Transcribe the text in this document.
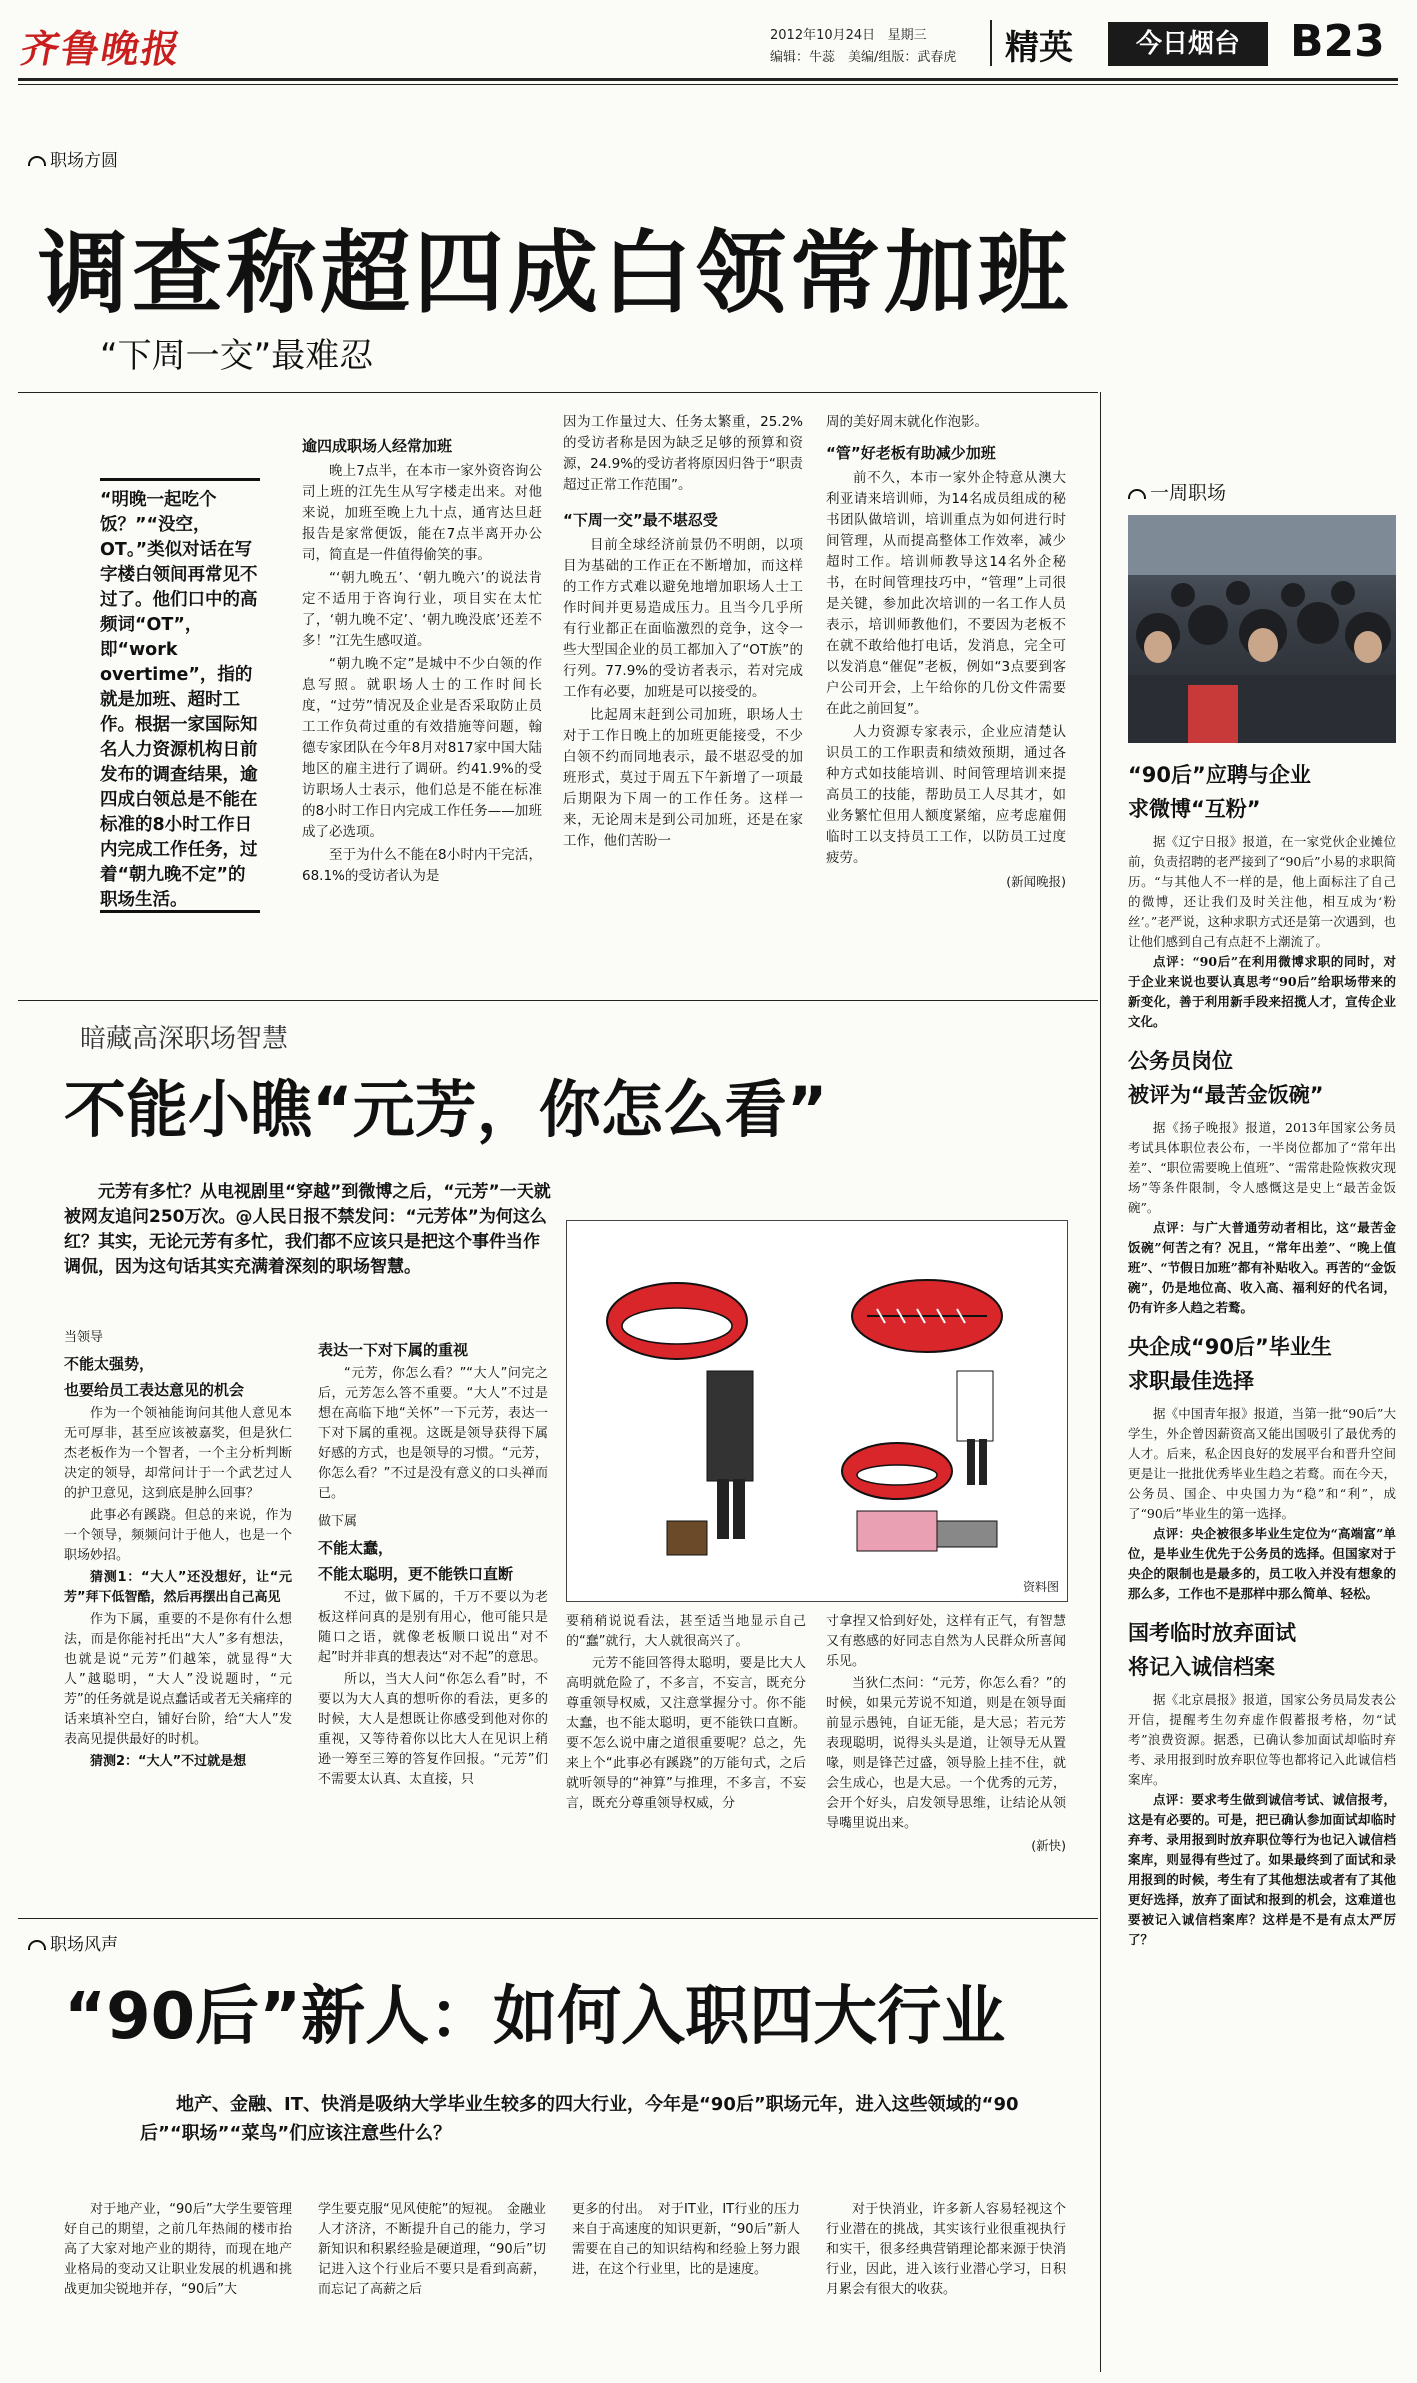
齐鲁晚报	2012年10月24日 星期三
编辑：牛蕊　美编/组版：武春虎 精英	今日烟台	B23
职场方圆
调查称超四成白领常加班
“下周一交”最难忍
“明晚一起吃个饭？”“没空，OT。”类似对话在写字楼白领间再常见不过了。他们口中的高频词“OT”，即“work overtime”，指的就是加班、超时工作。根据一家国际知名人力资源机构日前发布的调查结果，逾四成白领总是不能在标准的8小时工作日内完成工作任务，过着“朝九晚不定”的职场生活。
逾四成职场人经常加班

晚上7点半，在本市一家外资咨询公司上班的江先生从写字楼走出来。对他来说，加班至晚上九十点，通宵达旦赶报告是家常便饭，能在7点半离开办公司，简直是一件值得偷笑的事。

“‘朝九晚五’、‘朝九晚六’的说法肯定不适用于咨询行业，项目实在太忙了，‘朝九晚不定’、‘朝九晚没底’还差不多！”江先生感叹道。

“朝九晚不定”是城中不少白领的作息写照。就职场人士的工作时间长度，“过劳”情况及企业是否采取防止员工工作负荷过重的有效措施等问题，翰德专家团队在今年8月对817家中国大陆地区的雇主进行了调研。约41.9%的受访职场人士表示，他们总是不能在标准的8小时工作日内完成工作任务——加班成了必选项。

至于为什么不能在8小时内干完活，68.1%的受访者认为是

因为工作量过大、任务太繁重，25.2%的受访者称是因为缺乏足够的预算和资源，24.9%的受访者将原因归咎于“职责超过正常工作范围”。

“下周一交”最不堪忍受

目前全球经济前景仍不明朗，以项目为基础的工作正在不断增加，而这样的工作方式难以避免地增加职场人士工作时间并更易造成压力。且当今几乎所有行业都正在面临激烈的竞争，这令一些大型国企业的员工都加入了“OT族”的行列。77.9%的受访者表示，若对完成工作有必要，加班是可以接受的。

比起周末赶到公司加班，职场人士对于工作日晚上的加班更能接受，不少白领不约而同地表示，最不堪忍受的加班形式，莫过于周五下午新增了一项最后期限为下周一的工作任务。这样一来，无论周末是到公司加班，还是在家工作，他们苦盼一

周的美好周末就化作泡影。

“管”好老板有助减少加班

前不久，本市一家外企特意从澳大利亚请来培训师，为14名成员组成的秘书团队做培训，培训重点为如何进行时间管理，从而提高整体工作效率，减少超时工作。培训师教导这14名外企秘书，在时间管理技巧中，“管理”上司很是关键，参加此次培训的一名工作人员表示，培训师教他们，不要因为老板不在就不敢给他打电话，发消息，完全可以发消息“催促”老板，例如“3点要到客户公司开会，上午给你的几份文件需要在此之前回复”。

人力资源专家表示，企业应清楚认识员工的工作职责和绩效预期，通过各种方式如技能培训、时间管理培训来提高员工的技能，帮助员工人尽其才，如业务繁忙但用人额度紧缩，应考虑雇佣临时工以支持员工工作，以防员工过度疲劳。

(新闻晚报)
暗藏高深职场智慧
不能小瞧“元芳，你怎么看”
元芳有多忙？从电视剧里“穿越”到微博之后，“元芳”一天就被网友追问250万次。@人民日报不禁发问：“元芳体”为何这么红？其实，无论元芳有多忙，我们都不应该只是把这个事件当作调侃，因为这句话其实充满着深刻的职场智慧。
当领导
不能太强势，
也要给员工表达意见的机会

作为一个领袖能询问其他人意见本无可厚非，甚至应该被嘉奖，但是狄仁杰老板作为一个智者，一个主分析判断决定的领导，却常问计于一个武艺过人的护卫意见，这到底是肿么回事？

此事必有蹊跷。但总的来说，作为一个领导，频频问计于他人，也是一个职场妙招。

猜测1：“大人”还没想好，让“元芳”拜下低智酷，然后再摆出自己高见

作为下属，重要的不是你有什么想法，而是你能衬托出“大人”多有想法，也就是说“元芳”们越笨，就显得“大人”越聪明，“大人”没说题时，“元芳”的任务就是说点蠢话或者无关痛痒的话来填补空白，铺好台阶，给“大人”发表高见提供最好的时机。

猜测2：“大人”不过就是想

表达一下对下属的重视

“元芳，你怎么看？”“大人”问完之后，元芳怎么答不重要。“大人”不过是想在高临下地“关怀”一下元芳，表达一下对下属的重视。这既是领导获得下属好感的方式，也是领导的习惯。“元芳，你怎么看？”不过是没有意义的口头禅而已。

做下属
不能太蠢，
不能太聪明，更不能铁口直断

不过，做下属的，千万不要以为老板这样问真的是别有用心，他可能只是随口之语，就像老板顺口说出“对不起”时并非真的想表达“对不起”的意思。

所以，当大人问“你怎么看”时，不要以为大人真的想听你的看法，更多的时候，大人是想既让你感受到他对你的重视，又等待着你以比大人在见识上稍逊一筹至三筹的答复作回报。“元芳”们不需要太认真、太直接，只

资料图

要稍稍说说看法，甚至适当地显示自己的“蠢”就行，大人就很高兴了。

元芳不能回答得太聪明，要是比大人高明就危险了，不多言，不妄言，既充分尊重领导权威，又注意掌握分寸。你不能太蠢，也不能太聪明，更不能铁口直断。要不怎么说中庸之道很重要呢？总之，先来上个“此事必有蹊跷”的万能句式，之后就听领导的“神算”与推理，不多言，不妄言，既充分尊重领导权威，分

寸拿捏又恰到好处，这样有正气，有智慧又有憨感的好同志自然为人民群众所喜闻乐见。

当狄仁杰问：“元芳，你怎么看？”的时候，如果元芳说不知道，则是在领导面前显示愚钝，自证无能，是大忌；若元芳表现聪明，说得头头是道，让领导无从置喙，则是锋芒过盛，领导脸上挂不住，就会生成心，也是大忌。一个优秀的元芳，会开个好头，启发领导思维，让结论从领导嘴里说出来。

(新快)
职场风声
“90后”新人：如何入职四大行业
地产、金融、IT、快消是吸纳大学毕业生较多的四大行业，今年是“90后”职场元年，进入这些领域的“90后”“职场”“菜鸟”们应该注意些什么？

对于地产业，“90后”大学生要管理好自己的期望，之前几年热闹的楼市抬高了大家对地产业的期待，而现在地产业格局的变动又让职业发展的机遇和挑战更加尖锐地并存，“90后”大

学生要克服“见风使舵”的短视。　金融业人才济济，不断提升自己的能力，学习新知识和积累经验是硬道理，“90后”切记进入这个行业后不要只是看到高薪，而忘记了高薪之后

更多的付出。　对于IT业，IT行业的压力来自于高速度的知识更新，“90后”新人需要在自己的知识结构和经验上努力跟进，在这个行业里，比的是速度。

对于快消业，许多新人容易轻视这个行业潜在的挑战，其实该行业很重视执行和实干，很多经典营销理论都来源于快消行业，因此，进入该行业潜心学习，日积月累会有很大的收获。

一周职场
“90后”应聘与企业
求微博“互粉”

据《辽宁日报》报道，在一家党伙企业摊位前，负责招聘的老严接到了“90后”小易的求职简历。“与其他人不一样的是，他上面标注了自己的微博，还让我们及时关注他，相互成为‘粉丝’。”老严说，这种求职方式还是第一次遇到，也让他们感到自己有点赶不上潮流了。

点评：“90后”在利用微博求职的同时，对于企业来说也要认真思考“90后”给职场带来的新变化，善于利用新手段来招揽人才，宣传企业文化。

公务员岗位
被评为“最苦金饭碗”

据《扬子晚报》报道，2013年国家公务员考试具体职位表公布，一半岗位都加了“常年出差”、“职位需要晚上值班”、“需常赴险恢救灾现场”等条件限制，令人感慨这是史上“最苦金饭碗”。

点评：与广大普通劳动者相比，这“最苦金饭碗”何苦之有？况且，“常年出差”、“晚上值班”、“节假日加班”都有补贴收入。再苦的“金饭碗”，仍是地位高、收入高、福利好的代名词，仍有许多人趋之若鹜。

央企成“90后”毕业生
求职最佳选择

据《中国青年报》报道，当第一批“90后”大学生，外企曾因薪资高又能出国吸引了最优秀的人才。后来，私企因良好的发展平台和晋升空间更是让一批批优秀毕业生趋之若鹜。而在今天，公务员、国企、中央国力为“稳”和“利”，成了“90后”毕业生的第一选择。

点评：央企被很多毕业生定位为“高端富”单位，是毕业生优先于公务员的选择。但国家对于央企的限制也是最多的，员工收入并没有想象的那么多，工作也不是那样中那么简单、轻松。

国考临时放弃面试
将记入诚信档案

据《北京晨报》报道，国家公务员局发表公开信，提醒考生勿弃虚作假蓄报考格，勿“试考”浪费资源。据悉，已确认参加面试却临时弃考、录用报到时放弃职位等也都将记入此诚信档案库。

点评：要求考生做到诚信考试、诚信报考，这是有必要的。可是，把已确认参加面试却临时弃考、录用报到时放弃职位等行为也记入诚信档案库，则显得有些过了。如果最终到了面试和录用报到的时候，考生有了其他想法或者有了其他更好选择，放弃了面试和报到的机会，这难道也要被记入诚信档案库？这样是不是有点太严厉了？
